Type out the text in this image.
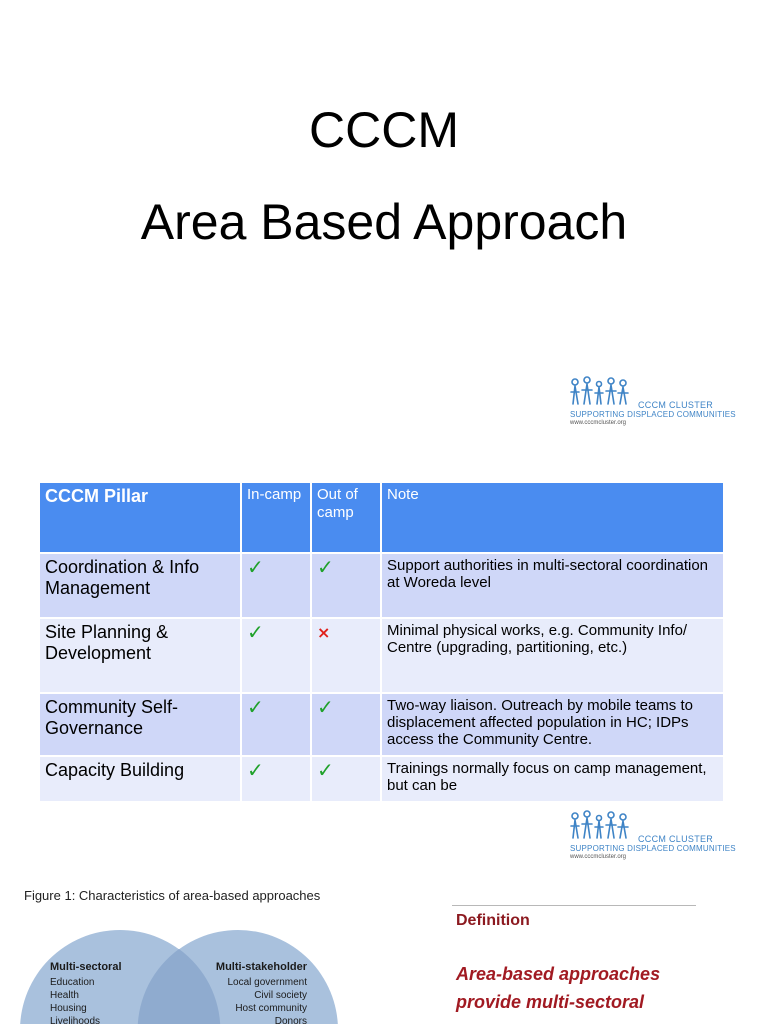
CCCM
Area Based Approach
CCCM CLUSTER
SUPPORTING DISPLACED COMMUNITIES
www.cccmcluster.org
CCCM Pillar	In-camp	Out of camp	Note
Coordination & Info Management	✓	✓	Support authorities in multi-sectoral coordination at Woreda level
Site Planning & Development	✓	×	Minimal physical works, e.g. Community Info/ Centre (upgrading, partitioning, etc.)
Community Self-Governance	✓	✓	Two-way liaison. Outreach by mobile teams to displacement affected population in HC; IDPs access the Community Centre.
Capacity Building	✓	✓	Trainings normally focus on camp management, but can be
CCCM CLUSTER
SUPPORTING DISPLACED COMMUNITIES
www.cccmcluster.org
Figure 1: Characteristics of area-based approaches
Multi-sectoral
Education
Health
Housing
Livelihoods
Multi-stakeholder
Local government
Civil society
Host community
Donors
Definition
Area-based approaches
provide multi-sectoral
